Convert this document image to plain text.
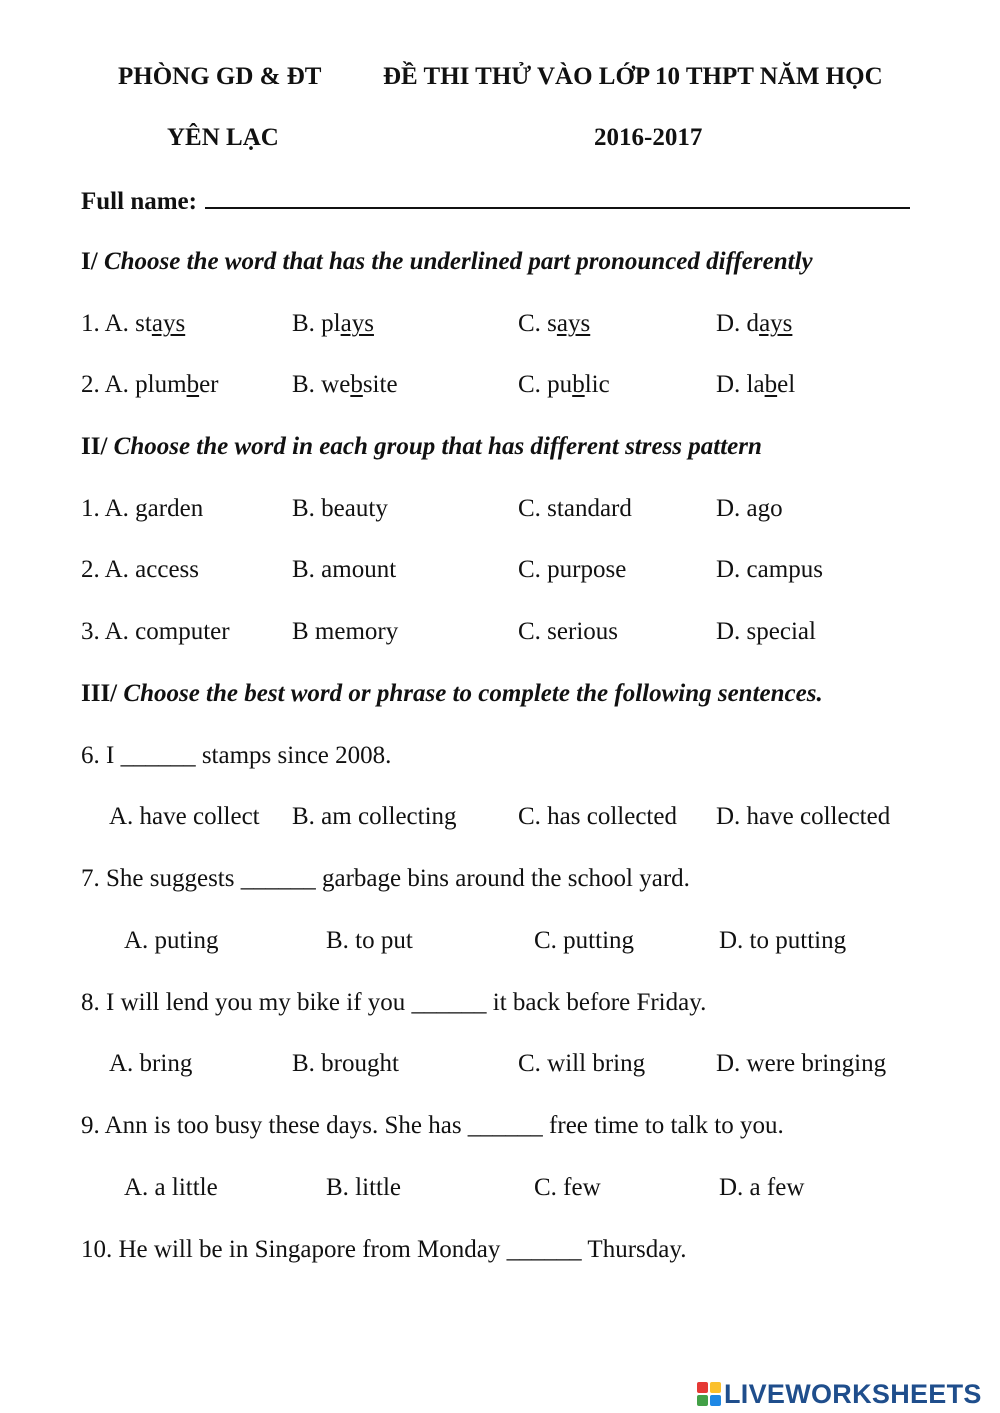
PHÒNG GD & ĐT ĐỀ THI THỬ VÀO LỚP 10 THPT NĂM HỌC
YÊN LẠC	2016-2017
Full name:
I/ Choose the word that has the underlined part pronounced differently
1. A. stays	B. plays	C. says	D. days
2. A. plumber	B. website	C. public	D. label
II/ Choose the word in each group that has different stress pattern
1. A. garden	B. beauty	C. standard	D. ago
2. A. access	B. amount	C. purpose	D. campus
3. A. computer B memory	C. serious	D. special
III/ Choose the best word or phrase to complete the following sentences.
6. I ______ stamps since 2008.
A. have collect B. am collecting C. has collected D. have collected
7. She suggests ______ garbage bins around the school yard.
A. puting	B. to put	C. putting	D. to putting
8. I will lend you my bike if you ______ it back before Friday.
A. bring	B. brought	C. will bring	D. were bringing
9. Ann is too busy these days. She has ______ free time to talk to you.
A. a little	B. little	C. few	D. a few
10. He will be in Singapore from Monday ______ Thursday.
LIVEWORKSHEETS
